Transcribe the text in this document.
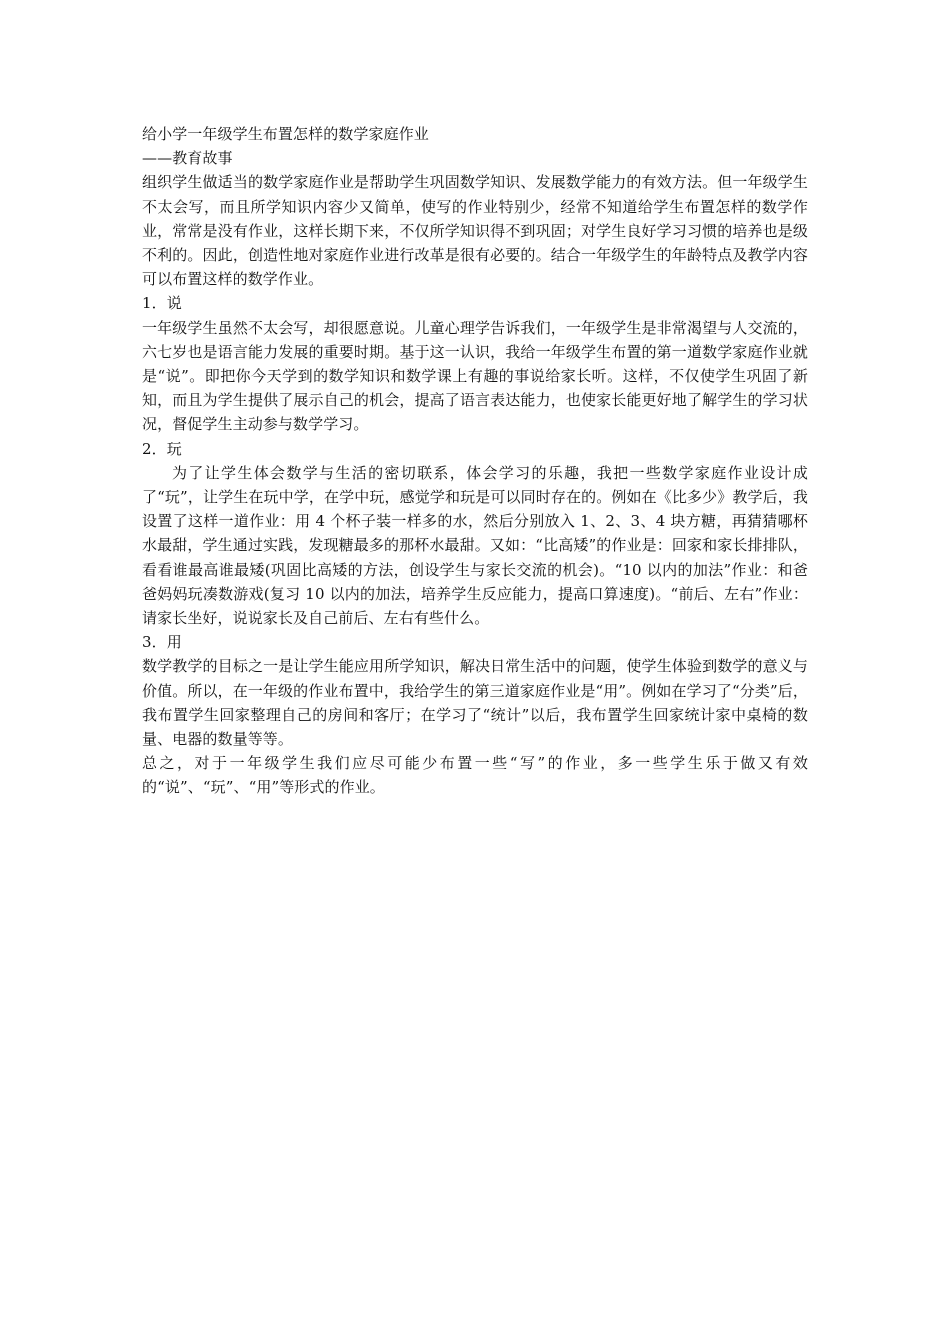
给小学一年级学生布置怎样的数学家庭作业

——教育故事

组织学生做适当的数学家庭作业是帮助学生巩固数学知识、发展数学能力的有效方法。但一年级学生不太会写，而且所学知识内容少又简单，使写的作业特别少，经常不知道给学生布置怎样的数学作业，常常是没有作业，这样长期下来，不仅所学知识得不到巩固；对学生良好学习习惯的培养也是级不利的。因此，创造性地对家庭作业进行改革是很有必要的。结合一年级学生的年龄特点及教学内容可以布置这样的数学作业。

1．说

一年级学生虽然不太会写，却很愿意说。儿童心理学告诉我们，一年级学生是非常渴望与人交流的，六七岁也是语言能力发展的重要时期。基于这一认识，我给一年级学生布置的第一道数学家庭作业就是“说”。即把你今天学到的数学知识和数学课上有趣的事说给家长听。这样，不仅使学生巩固了新知，而且为学生提供了展示自己的机会，提高了语言表达能力，也使家长能更好地了解学生的学习状况，督促学生主动参与数学学习。

2．玩

为了让学生体会数学与生活的密切联系，体会学习的乐趣，我把一些数学家庭作业设计成了“玩”，让学生在玩中学，在学中玩，感觉学和玩是可以同时存在的。例如在《比多少》教学后，我设置了这样一道作业：用 4 个杯子装一样多的水，然后分别放入 1、2、3、4 块方糖，再猜猜哪杯水最甜，学生通过实践，发现糖最多的那杯水最甜。又如：“比高矮”的作业是：回家和家长排排队，看看谁最高谁最矮(巩固比高矮的方法，创设学生与家长交流的机会)。“10 以内的加法”作业：和爸爸妈妈玩凑数游戏(复习 10 以内的加法，培养学生反应能力，提高口算速度)。“前后、左右”作业：请家长坐好，说说家长及自己前后、左右有些什么。

3．用

数学教学的目标之一是让学生能应用所学知识，解决日常生活中的问题，使学生体验到数学的意义与价值。所以，在一年级的作业布置中，我给学生的第三道家庭作业是“用”。例如在学习了“分类”后，我布置学生回家整理自己的房间和客厅；在学习了“统计”以后，我布置学生回家统计家中桌椅的数量、电器的数量等等。

总之，对于一年级学生我们应尽可能少布置一些“写”的作业，多一些学生乐于做又有效的“说”、“玩”、“用”等形式的作业。
